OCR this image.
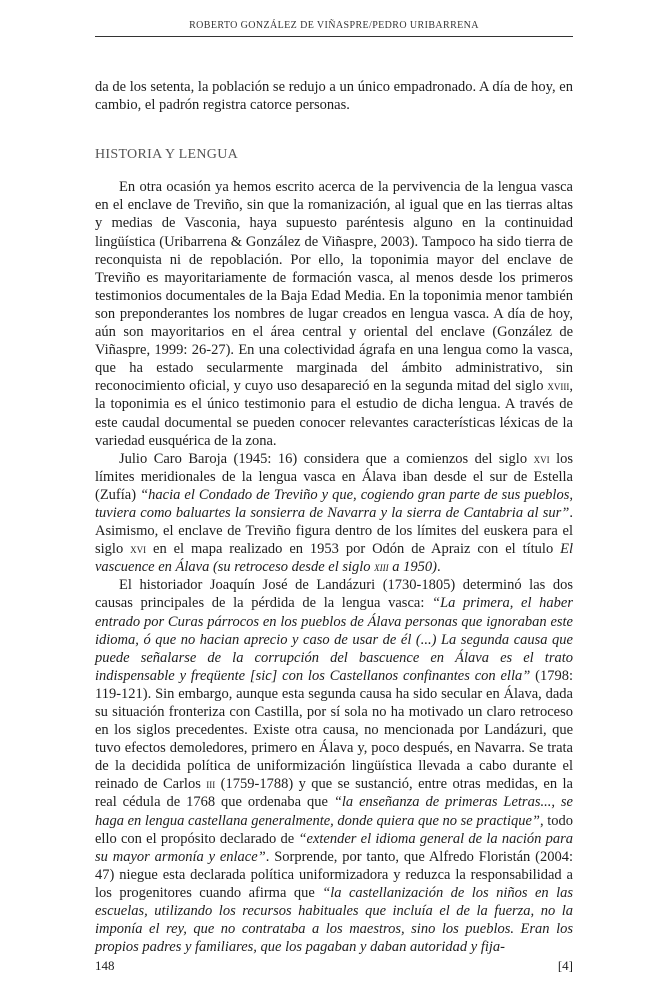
ROBERTO GONZÁLEZ DE VIÑASPRE/PEDRO URIBARRENA

da de los setenta, la población se redujo a un único empadronado. A día de hoy, en cambio, el padrón registra catorce personas.

HISTORIA Y LENGUA

En otra ocasión ya hemos escrito acerca de la pervivencia de la lengua vasca en el enclave de Treviño, sin que la romanización, al igual que en las tierras altas y medias de Vasconia, haya supuesto paréntesis alguno en la continuidad lingüística (Uribarrena & González de Viñaspre, 2003). Tampoco ha sido tierra de reconquista ni de repoblación. Por ello, la toponimia mayor del enclave de Treviño es mayoritariamente de formación vasca, al menos desde los primeros testimonios documentales de la Baja Edad Media. En la toponimia menor también son preponderantes los nombres de lugar creados en lengua vasca. A día de hoy, aún son mayoritarios en el área central y oriental del enclave (González de Viñaspre, 1999: 26-27). En una colectividad ágrafa en una lengua como la vasca, que ha estado secularmente marginada del ámbito administrativo, sin reconocimiento oficial, y cuyo uso desapareció en la segunda mitad del siglo xviii, la toponimia es el único testimonio para el estudio de dicha lengua. A través de este caudal documental se pueden conocer relevantes características léxicas de la variedad eusquérica de la zona.

Julio Caro Baroja (1945: 16) considera que a comienzos del siglo xvi los límites meridionales de la lengua vasca en Álava iban desde el sur de Estella (Zufía) “hacia el Condado de Treviño y que, cogiendo gran parte de sus pueblos, tuviera como baluartes la sonsierra de Navarra y la sierra de Cantabria al sur”. Asimismo, el enclave de Treviño figura dentro de los límites del euskera para el siglo xvi en el mapa realizado en 1953 por Odón de Apraiz con el título El vascuence en Álava (su retroceso desde el siglo xiii a 1950).

El historiador Joaquín José de Landázuri (1730-1805) determinó las dos causas principales de la pérdida de la lengua vasca: “La primera, el haber entrado por Curas párrocos en los pueblos de Álava personas que ignoraban este idioma, ó que no hacian aprecio y caso de usar de él (...) La segunda causa que puede señalarse de la corrupción del bascuence en Álava es el trato indispensable y freqüente [sic] con los Castellanos confinantes con ella” (1798: 119-121). Sin embargo, aunque esta segunda causa ha sido secular en Álava, dada su situación fronteriza con Castilla, por sí sola no ha motivado un claro retroceso en los siglos precedentes. Existe otra causa, no mencionada por Landázuri, que tuvo efectos demoledores, primero en Álava y, poco después, en Navarra. Se trata de la decidida política de uniformización lingüística llevada a cabo durante el reinado de Carlos iii (1759-1788) y que se sustanció, entre otras medidas, en la real cédula de 1768 que ordenaba que “la enseñanza de primeras Letras..., se haga en lengua castellana generalmente, donde quiera que no se practique”, todo ello con el propósito declarado de “extender el idioma general de la nación para su mayor armonía y enlace”. Sorprende, por tanto, que Alfredo Floristán (2004: 47) niegue esta declarada política uniformizadora y reduzca la responsabilidad a los progenitores cuando afirma que “la castellanización de los niños en las escuelas, utilizando los recursos habituales que incluía el de la fuerza, no la imponía el rey, que no contrataba a los maestros, sino los pueblos. Eran los propios padres y familiares, que los pagaban y daban autoridad y fija-

148	[4]
